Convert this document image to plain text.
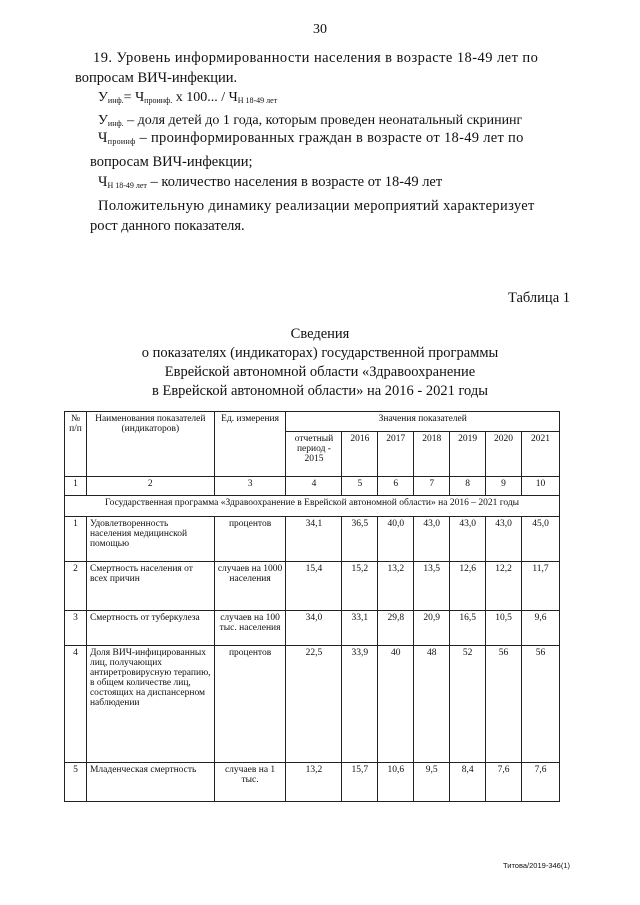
30
19. Уровень информированности населения в возрасте 18-49 лет по
вопросам ВИЧ-инфекции.
$У_{инф.}= Ч_{проинф.}$ x 100... / $Ч_{Н 18-49 лет}$
$У_{инф.}$ – доля детей до 1 года, которым проведен неонатальный скрининг
$Ч_{проинф}$ – проинформированных граждан в возрасте от 18-49 лет по
вопросам ВИЧ-инфекции;
$Ч_{Н 18-49 лет}$ – количество населения в возрасте от 18-49 лет
Положительную динамику реализации мероприятий характеризует
рост данного показателя.
Таблица 1
Сведения
о показателях (индикаторах) государственной программы
Еврейской автономной области «Здравоохранение
в Еврейской автономной области» на 2016 - 2021 годы
№ п/п	Наименования показателей (индикаторов)	Ед. измерения	Значения показателей						
			отчетный период - 2015	2016	2017	2018	2019	2020	2021
1	2	3	4	5	6	7	8	9	10
Государственная программа «Здравоохранение в Еврейской автономной области» на 2016 – 2021 годы									
1	Удовлетворенность населения медицинской помощью	процентов	34,1	36,5	40,0	43,0	43,0	43,0	45,0
2	Смертность населения от всех причин	случаев на 1000 населения	15,4	15,2	13,2	13,5	12,6	12,2	11,7
3	Смертность от туберкулеза	случаев на 100 тыс. населения	34,0	33,1	29,8	20,9	16,5	10,5	9,6
4	Доля ВИЧ-инфицированных лиц, получающих антиретровирусную терапию, в общем количестве лиц, состоящих на диспансерном наблюдении	процентов	22,5	33,9	40	48	52	56	56
5	Младенческая смертность	случаев на 1 тыс.	13,2	15,7	10,6	9,5	8,4	7,6	7,6
Титова/2019-346(1)
